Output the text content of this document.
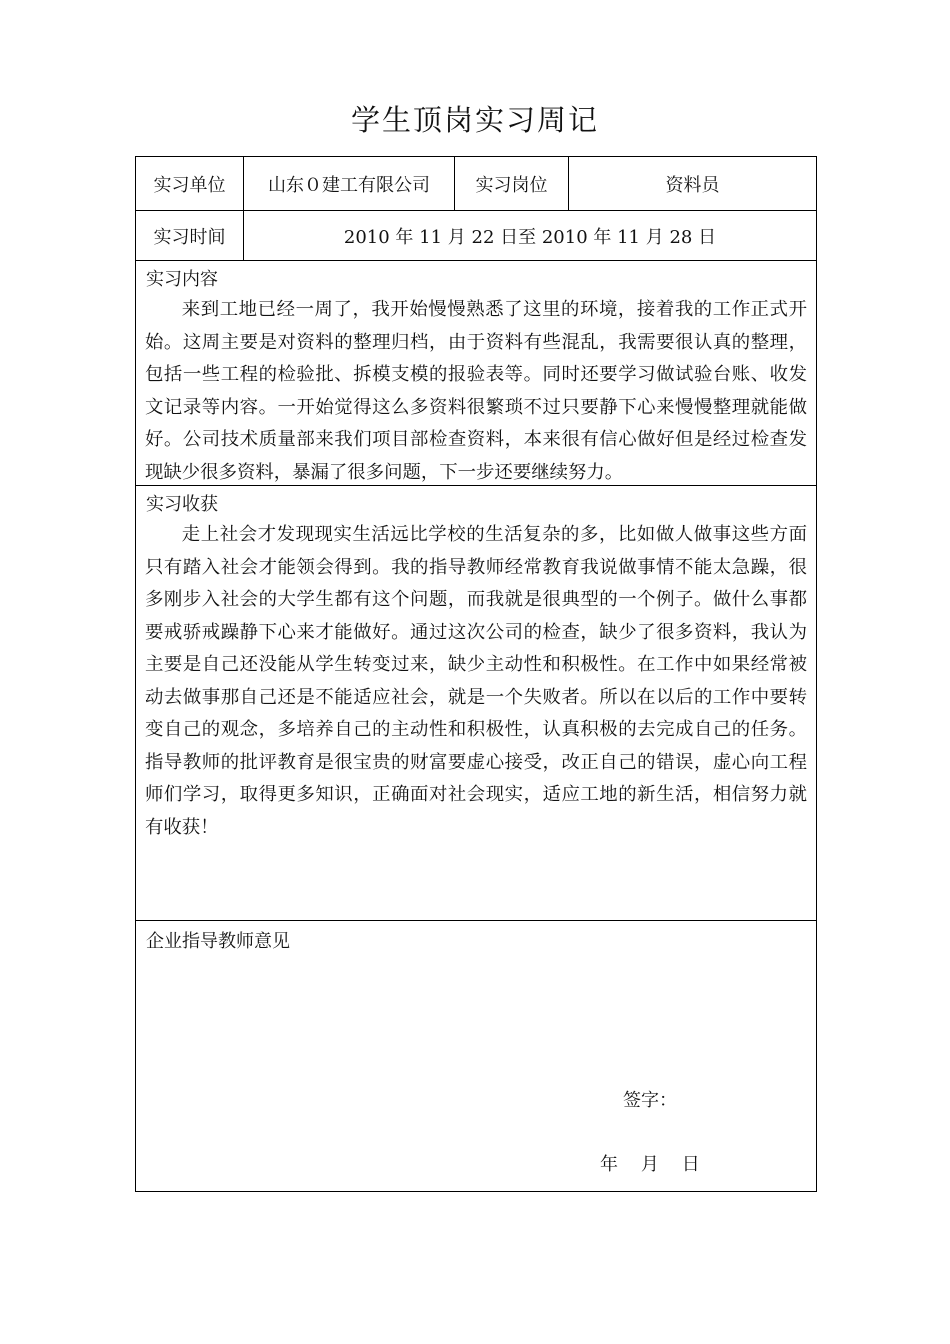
学生顶岗实习周记
实习单位	山东０建工有限公司	实习岗位	资料员
实习时间	2010 年 11 月 22 日至 2010 年 11 月 28 日
实习内容

来到工地已经一周了，我开始慢慢熟悉了这里的环境，接着我的工作正式开始。这周主要是对资料的整理归档，由于资料有些混乱，我需要很认真的整理，包括一些工程的检验批、拆模支模的报验表等。同时还要学习做试验台账、收发文记录等内容。一开始觉得这么多资料很繁琐不过只要静下心来慢慢整理就能做好。公司技术质量部来我们项目部检查资料，本来很有信心做好但是经过检查发现缺少很多资料，暴漏了很多问题，下一步还要继续努力。

实习收获

走上社会才发现现实生活远比学校的生活复杂的多，比如做人做事这些方面只有踏入社会才能领会得到。我的指导教师经常教育我说做事情不能太急躁，很多刚步入社会的大学生都有这个问题，而我就是很典型的一个例子。做什么事都要戒骄戒躁静下心来才能做好。通过这次公司的检查，缺少了很多资料，我认为主要是自己还没能从学生转变过来，缺少主动性和积极性。在工作中如果经常被动去做事那自己还是不能适应社会，就是一个失败者。所以在以后的工作中要转变自己的观念，多培养自己的主动性和积极性，认真积极的去完成自己的任务。指导教师的批评教育是很宝贵的财富要虚心接受，改正自己的错误，虚心向工程师们学习，取得更多知识，正确面对社会现实，适应工地的新生活，相信努力就有收获！

企业指导教师意见
签字：
年    月    日
